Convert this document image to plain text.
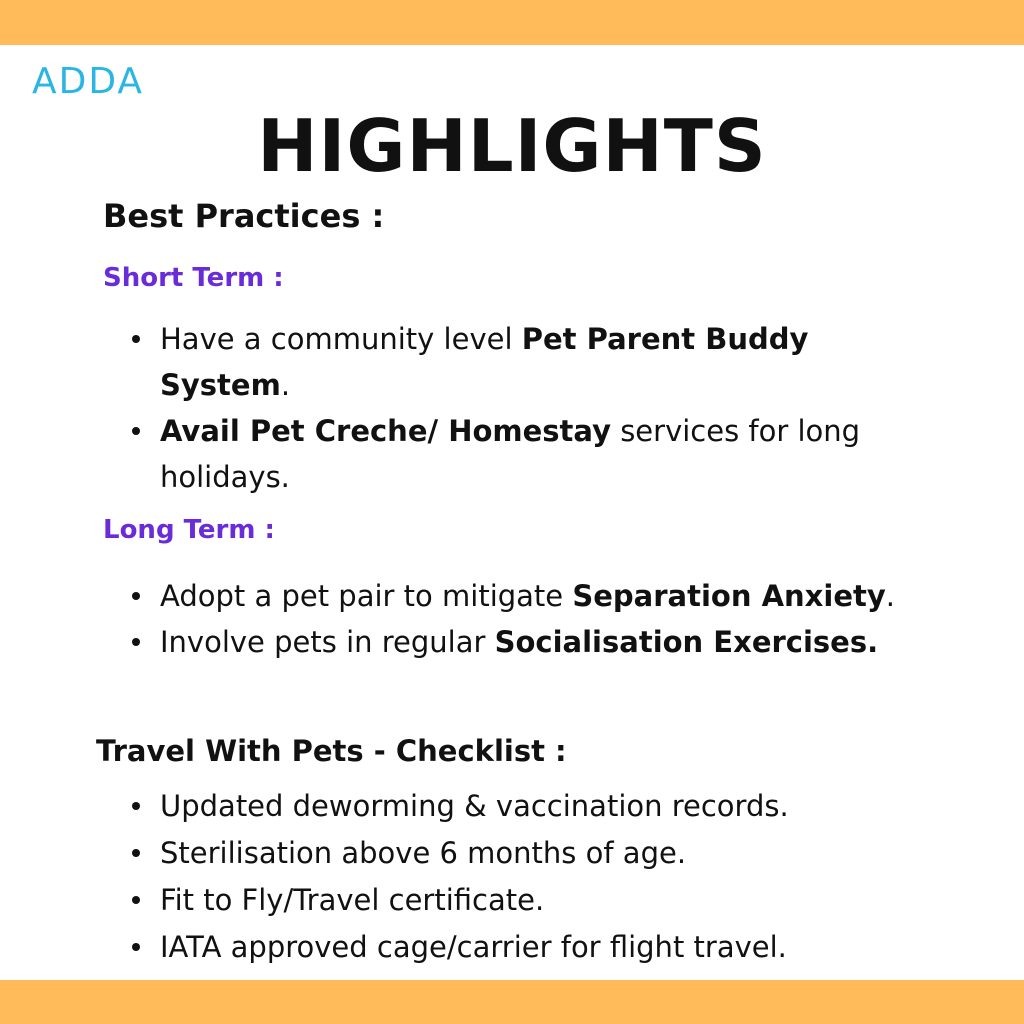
ADDA
HIGHLIGHTS
Best Practices :
Short Term :
Have a community level Pet Parent Buddy System.
Avail Pet Creche/ Homestay services for long holidays.
Long Term :
Adopt a pet pair to mitigate Separation Anxiety.
Involve pets in regular Socialisation Exercises.
Travel With Pets - Checklist :
Updated deworming & vaccination records.
Sterilisation above 6 months of age.
Fit to Fly/Travel certificate.
IATA approved cage/carrier for flight travel.
